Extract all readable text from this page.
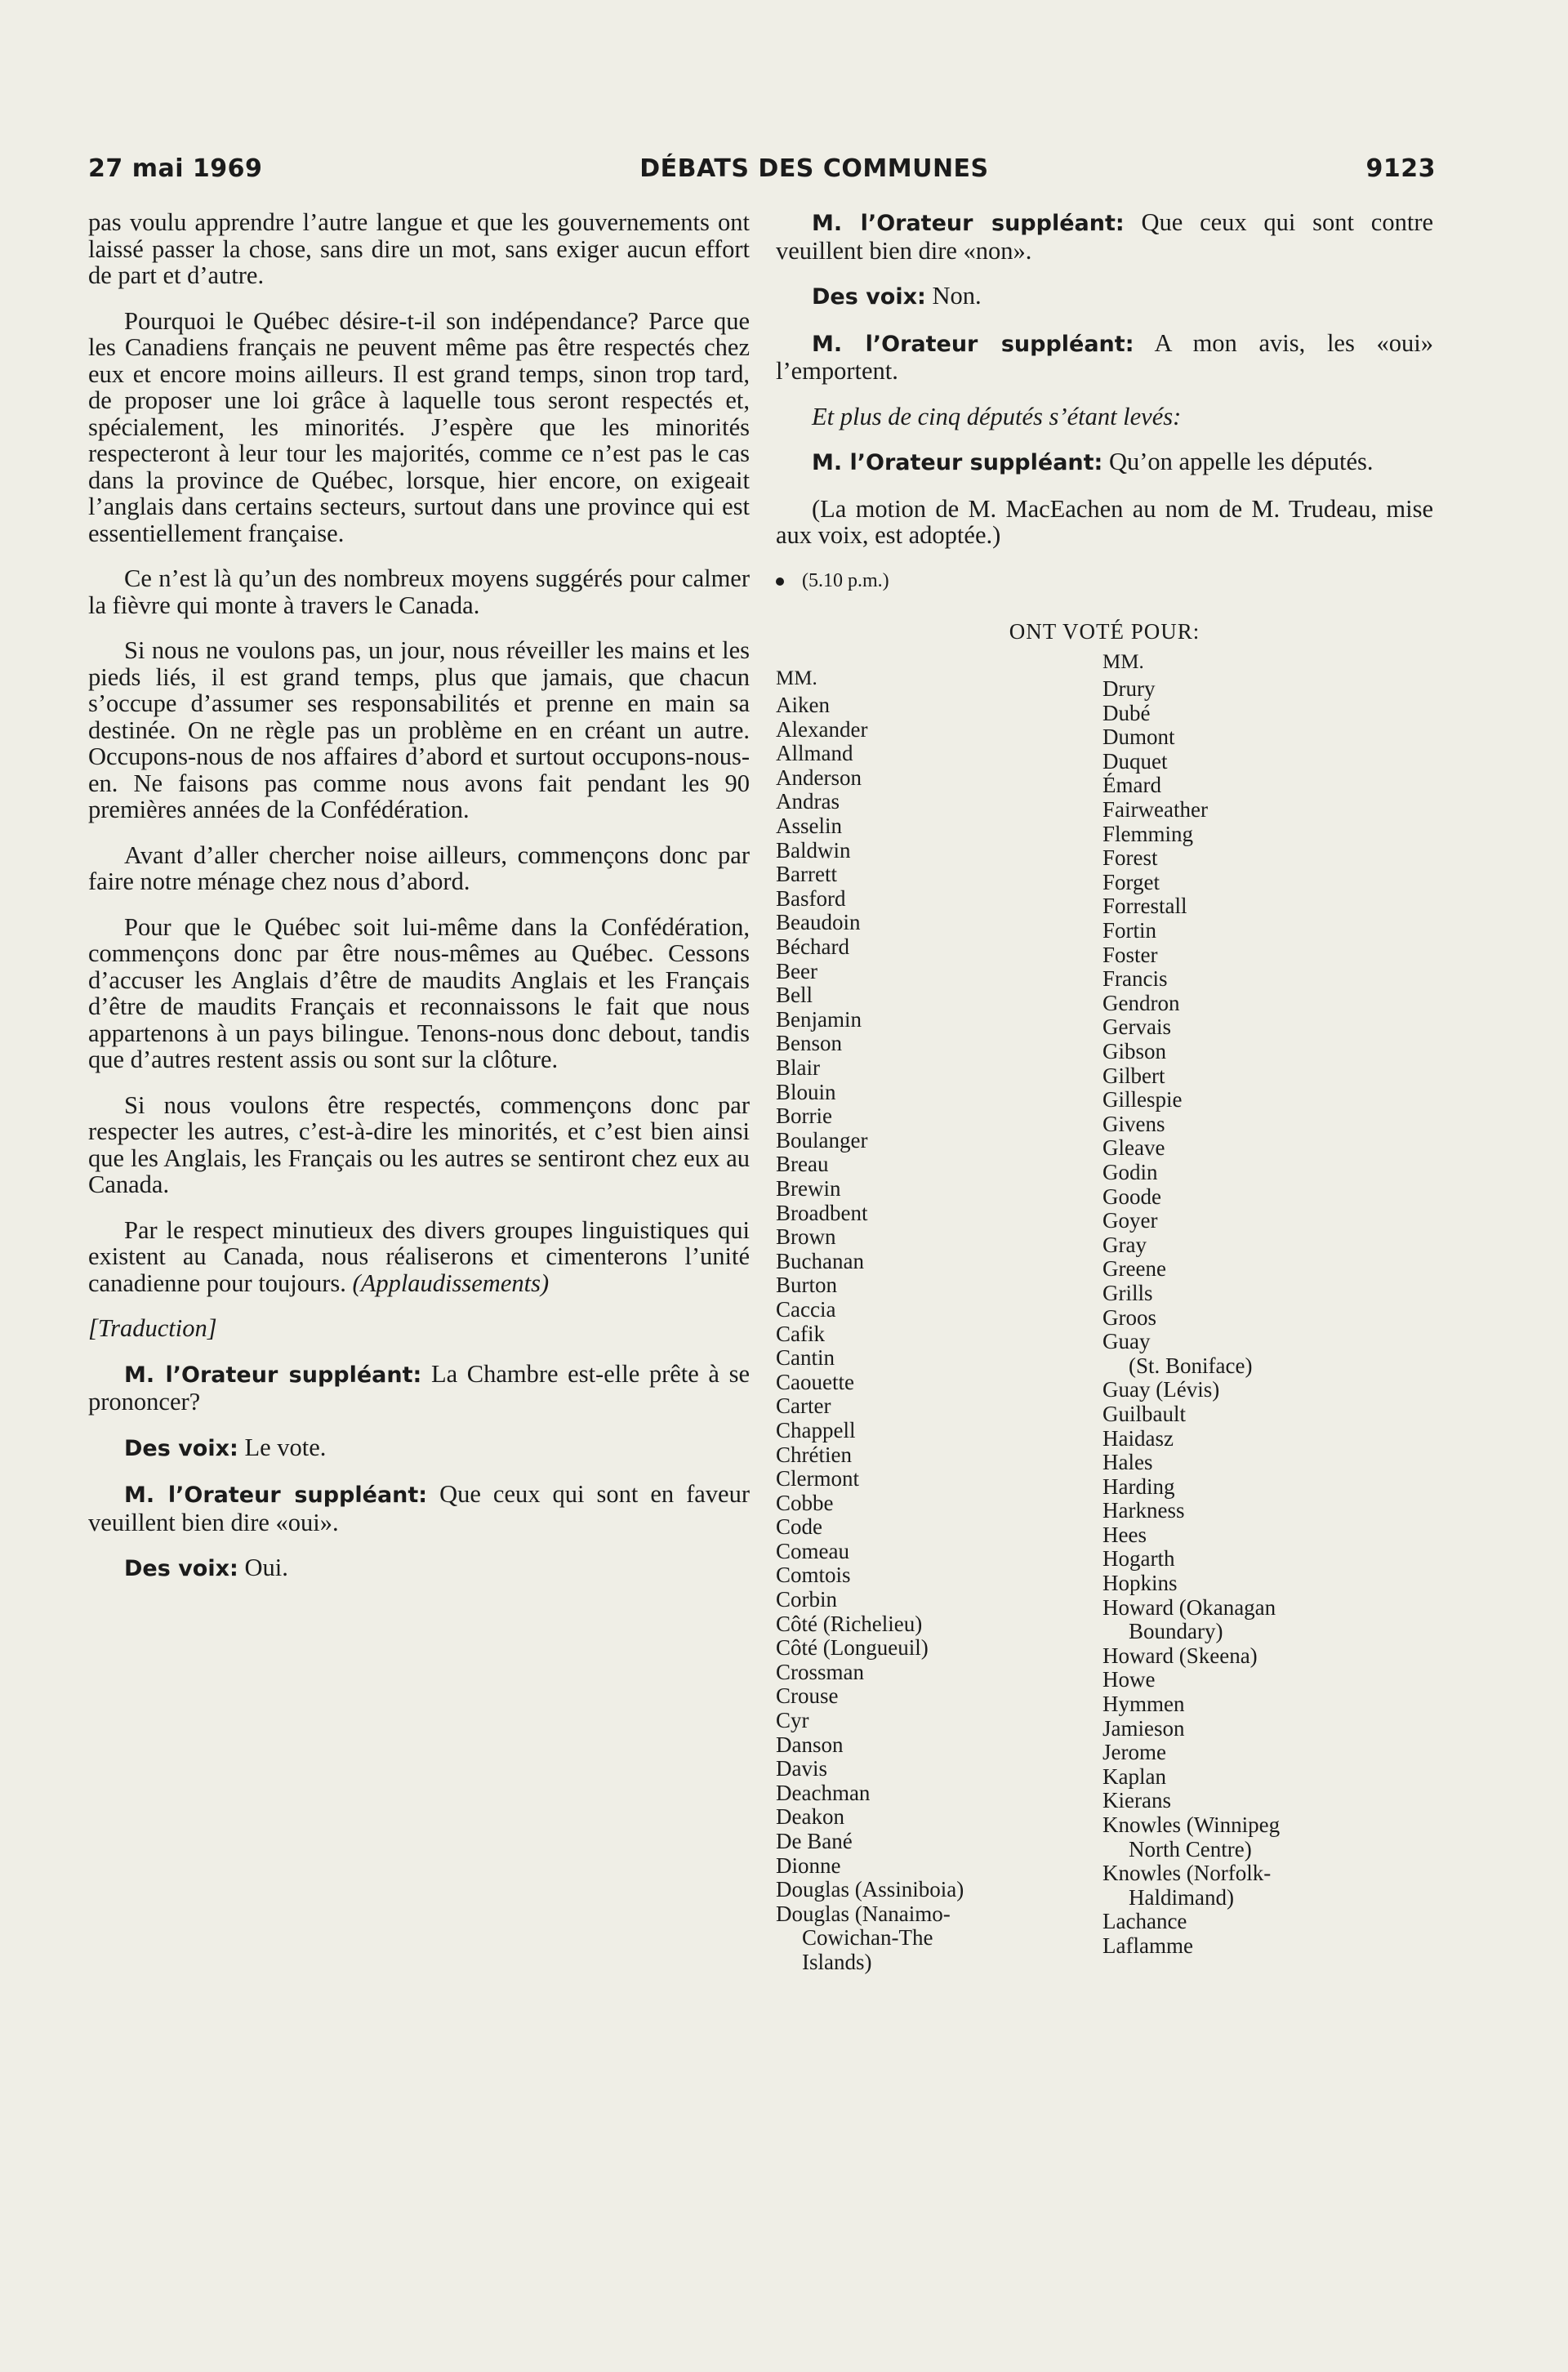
27 mai 1969	DÉBATS DES COMMUNES	9123

pas voulu apprendre l’autre langue et que les gouvernements ont laissé passer la chose, sans dire un mot, sans exiger aucun effort de part et d’autre.

Pourquoi le Québec désire-t-il son indépendance? Parce que les Canadiens français ne peuvent même pas être respectés chez eux et encore moins ailleurs. Il est grand temps, sinon trop tard, de proposer une loi grâce à laquelle tous seront respectés et, spécialement, les minorités. J’espère que les minorités respecteront à leur tour les majorités, comme ce n’est pas le cas dans la province de Québec, lorsque, hier encore, on exigeait l’anglais dans certains secteurs, surtout dans une province qui est essentiellement française.

Ce n’est là qu’un des nombreux moyens suggérés pour calmer la fièvre qui monte à travers le Canada.

Si nous ne voulons pas, un jour, nous réveiller les mains et les pieds liés, il est grand temps, plus que jamais, que chacun s’occupe d’assumer ses responsabilités et prenne en main sa destinée. On ne règle pas un problème en en créant un autre. Occupons-nous de nos affaires d’abord et surtout occupons-nous-en. Ne faisons pas comme nous avons fait pendant les 90 premières années de la Confédération.

Avant d’aller chercher noise ailleurs, commençons donc par faire notre ménage chez nous d’abord.

Pour que le Québec soit lui-même dans la Confédération, commençons donc par être nous-mêmes au Québec. Cessons d’accuser les Anglais d’être de maudits Anglais et les Français d’être de maudits Français et reconnaissons le fait que nous appartenons à un pays bilingue. Tenons-nous donc debout, tandis que d’autres restent assis ou sont sur la clôture.

Si nous voulons être respectés, commençons donc par respecter les autres, c’est-à-dire les minorités, et c’est bien ainsi que les Anglais, les Français ou les autres se sentiront chez eux au Canada.

Par le respect minutieux des divers groupes linguistiques qui existent au Canada, nous réaliserons et cimenterons l’unité canadienne pour toujours. (Applaudissements)

[Traduction]

M. l’Orateur suppléant: La Chambre est-elle prête à se prononcer?

Des voix: Le vote.

M. l’Orateur suppléant: Que ceux qui sont en faveur veuillent bien dire «oui».

Des voix: Oui.

M. l’Orateur suppléant: Que ceux qui sont contre veuillent bien dire «non».

Des voix: Non.

M. l’Orateur suppléant: A mon avis, les «oui» l’emportent.

Et plus de cinq députés s’étant levés:

M. l’Orateur suppléant: Qu’on appelle les députés.

(La motion de M. MacEachen au nom de M. Trudeau, mise aux voix, est adoptée.)

(5.10 p.m.)
ONT VOTÉ POUR:
MM.
Aiken
Alexander
Allmand
Anderson
Andras
Asselin
Baldwin
Barrett
Basford
Beaudoin
Béchard
Beer
Bell
Benjamin
Benson
Blair
Blouin
Borrie
Boulanger
Breau
Brewin
Broadbent
Brown
Buchanan
Burton
Caccia
Cafik
Cantin
Caouette
Carter
Chappell
Chrétien
Clermont
Cobbe
Code
Comeau
Comtois
Corbin
Côté (Richelieu)
Côté (Longueuil)
Crossman
Crouse
Cyr
Danson
Davis
Deachman
Deakon
De Bané
Dionne
Douglas (Assiniboia)
Douglas (Nanaimo-
Cowichan-The
Islands)
MM.
Drury
Dubé
Dumont
Duquet
Émard
Fairweather
Flemming
Forest
Forget
Forrestall
Fortin
Foster
Francis
Gendron
Gervais
Gibson
Gilbert
Gillespie
Givens
Gleave
Godin
Goode
Goyer
Gray
Greene
Grills
Groos
Guay
(St. Boniface)
Guay (Lévis)
Guilbault
Haidasz
Hales
Harding
Harkness
Hees
Hogarth
Hopkins
Howard (Okanagan
Boundary)
Howard (Skeena)
Howe
Hymmen
Jamieson
Jerome
Kaplan
Kierans
Knowles (Winnipeg
North Centre)
Knowles (Norfolk-
Haldimand)
Lachance
Laflamme
